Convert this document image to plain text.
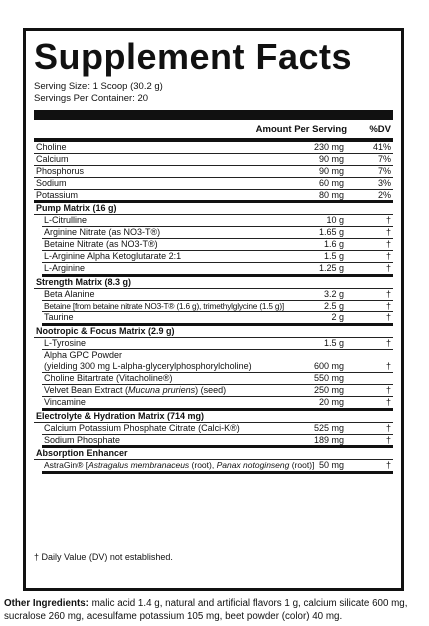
Supplement Facts
Serving Size: 1 Scoop (30.2 g)
Servings Per Container: 20
Amount Per Serving %DV
Choline	230 mg	41%
Calcium	90 mg	7%
Phosphorus	90 mg	7%
Sodium	60 mg	3%
Potassium	80 mg	2%
Pump Matrix (16 g)
L-Citrulline	10 g	†
Arginine Nitrate (as NO3-T®)	1.65 g	†
Betaine Nitrate (as NO3-T®)	1.6 g	†
L-Arginine Alpha Ketoglutarate 2:1	1.5 g	†
L-Arginine	1.25 g	†
Strength Matrix (8.3 g)
Beta Alanine	3.2 g	†
Betaine [from betaine nitrate NO3-T® (1.6 g), trimethylglycine (1.5 g)]	2.5 g	†
Taurine	2 g	†
Nootropic & Focus Matrix (2.9 g)
L-Tyrosine	1.5 g	†
Alpha GPC Powder
(yielding 300 mg L-alpha-glycerylphosphorylcholine)	600 mg	†
Choline Bitartrate (Vitacholine®)	550 mg
Velvet Bean Extract (Mucuna pruriens) (seed)	250 mg	†
Vincamine	20 mg	†
Electrolyte & Hydration Matrix (714 mg)
Calcium Potassium Phosphate Citrate (Calci-K®)	525 mg	†
Sodium Phosphate	189 mg	†
Absorption Enhancer
AstraGin® [Astragalus membranaceus (root), Panax notoginseng (root)] 50 mg	†
† Daily Value (DV) not established.
Other Ingredients: malic acid 1.4 g, natural and artificial flavors 1 g, calcium silicate 600 mg, sucralose 260 mg, acesulfame potassium 105 mg, beet powder (color) 40 mg.
